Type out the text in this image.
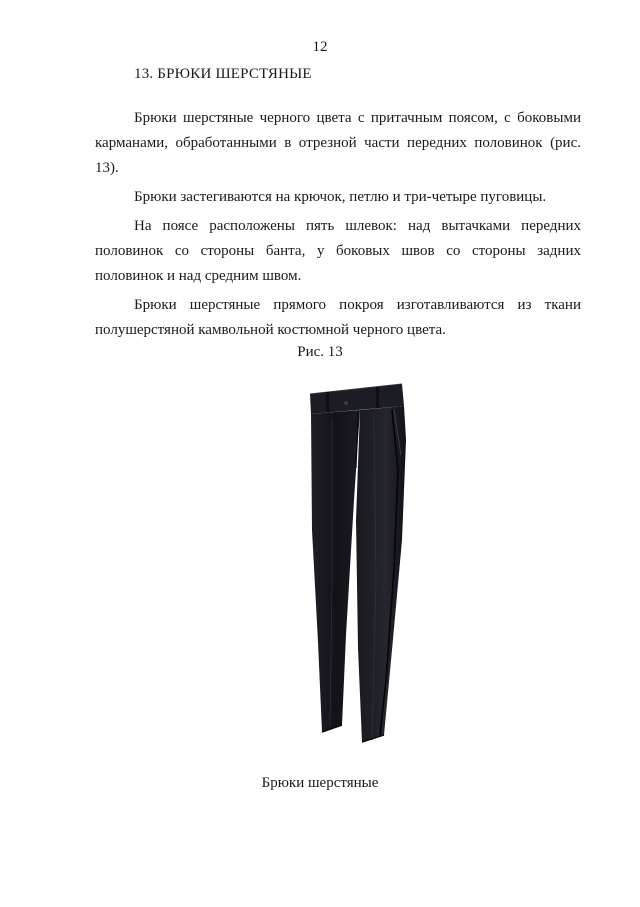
12
13. БРЮКИ ШЕРСТЯНЫЕ

Брюки шерстяные черного цвета с притачным поясом, с боковыми карманами, обработанными в отрезной части передних половинок (рис. 13).

Брюки застегиваются на крючок, петлю и три-четыре пуговицы.

На поясе расположены пять шлевок: над вытачками передних половинок со стороны банта, у боковых швов со стороны задних половинок и над средним швом.

Брюки шерстяные прямого покроя изготавливаются из ткани полушерстяной камвольной костюмной черного цвета.

Рис. 13
Брюки шерстяные
